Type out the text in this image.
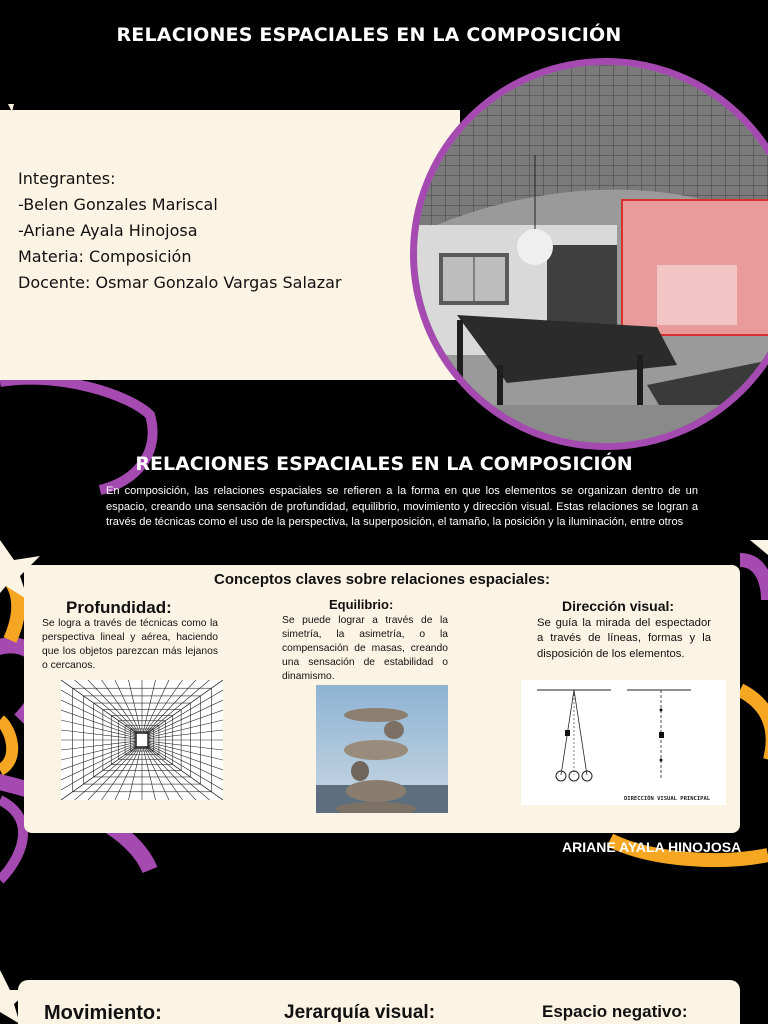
RELACIONES ESPACIALES EN LA COMPOSICIÓN
Integrantes:
-Belen Gonzales Mariscal
-Ariane Ayala Hinojosa
Materia: Composición
Docente: Osmar Gonzalo Vargas Salazar
RELACIONES ESPACIALES EN LA COMPOSICIÓN
En composición, las relaciones espaciales se refieren a la forma en que los elementos se organizan dentro de un espacio, creando una sensación de profundidad, equilibrio, movimiento y dirección visual. Estas relaciones se logran a través de técnicas como el uso de la perspectiva, la superposición, el tamaño, la posición y la iluminación, entre otros
Conceptos claves sobre relaciones espaciales:
Profundidad:
Se logra a través de técnicas como la perspectiva lineal y aérea, haciendo que los objetos parezcan más lejanos o cercanos.
Equilibrio:
Se puede lograr a través de la simetría, la asimetría, o la compensación de masas, creando una sensación de estabilidad o dinamismo.
Dirección visual:
Se guía la mirada del espectador a través de líneas, formas y la disposición de los elementos.
DIRECCIÓN VISUAL PRINCIPAL
ARIANE AYALA HINOJOSA
Movimiento:	Jerarquía visual:	Espacio negativo:
